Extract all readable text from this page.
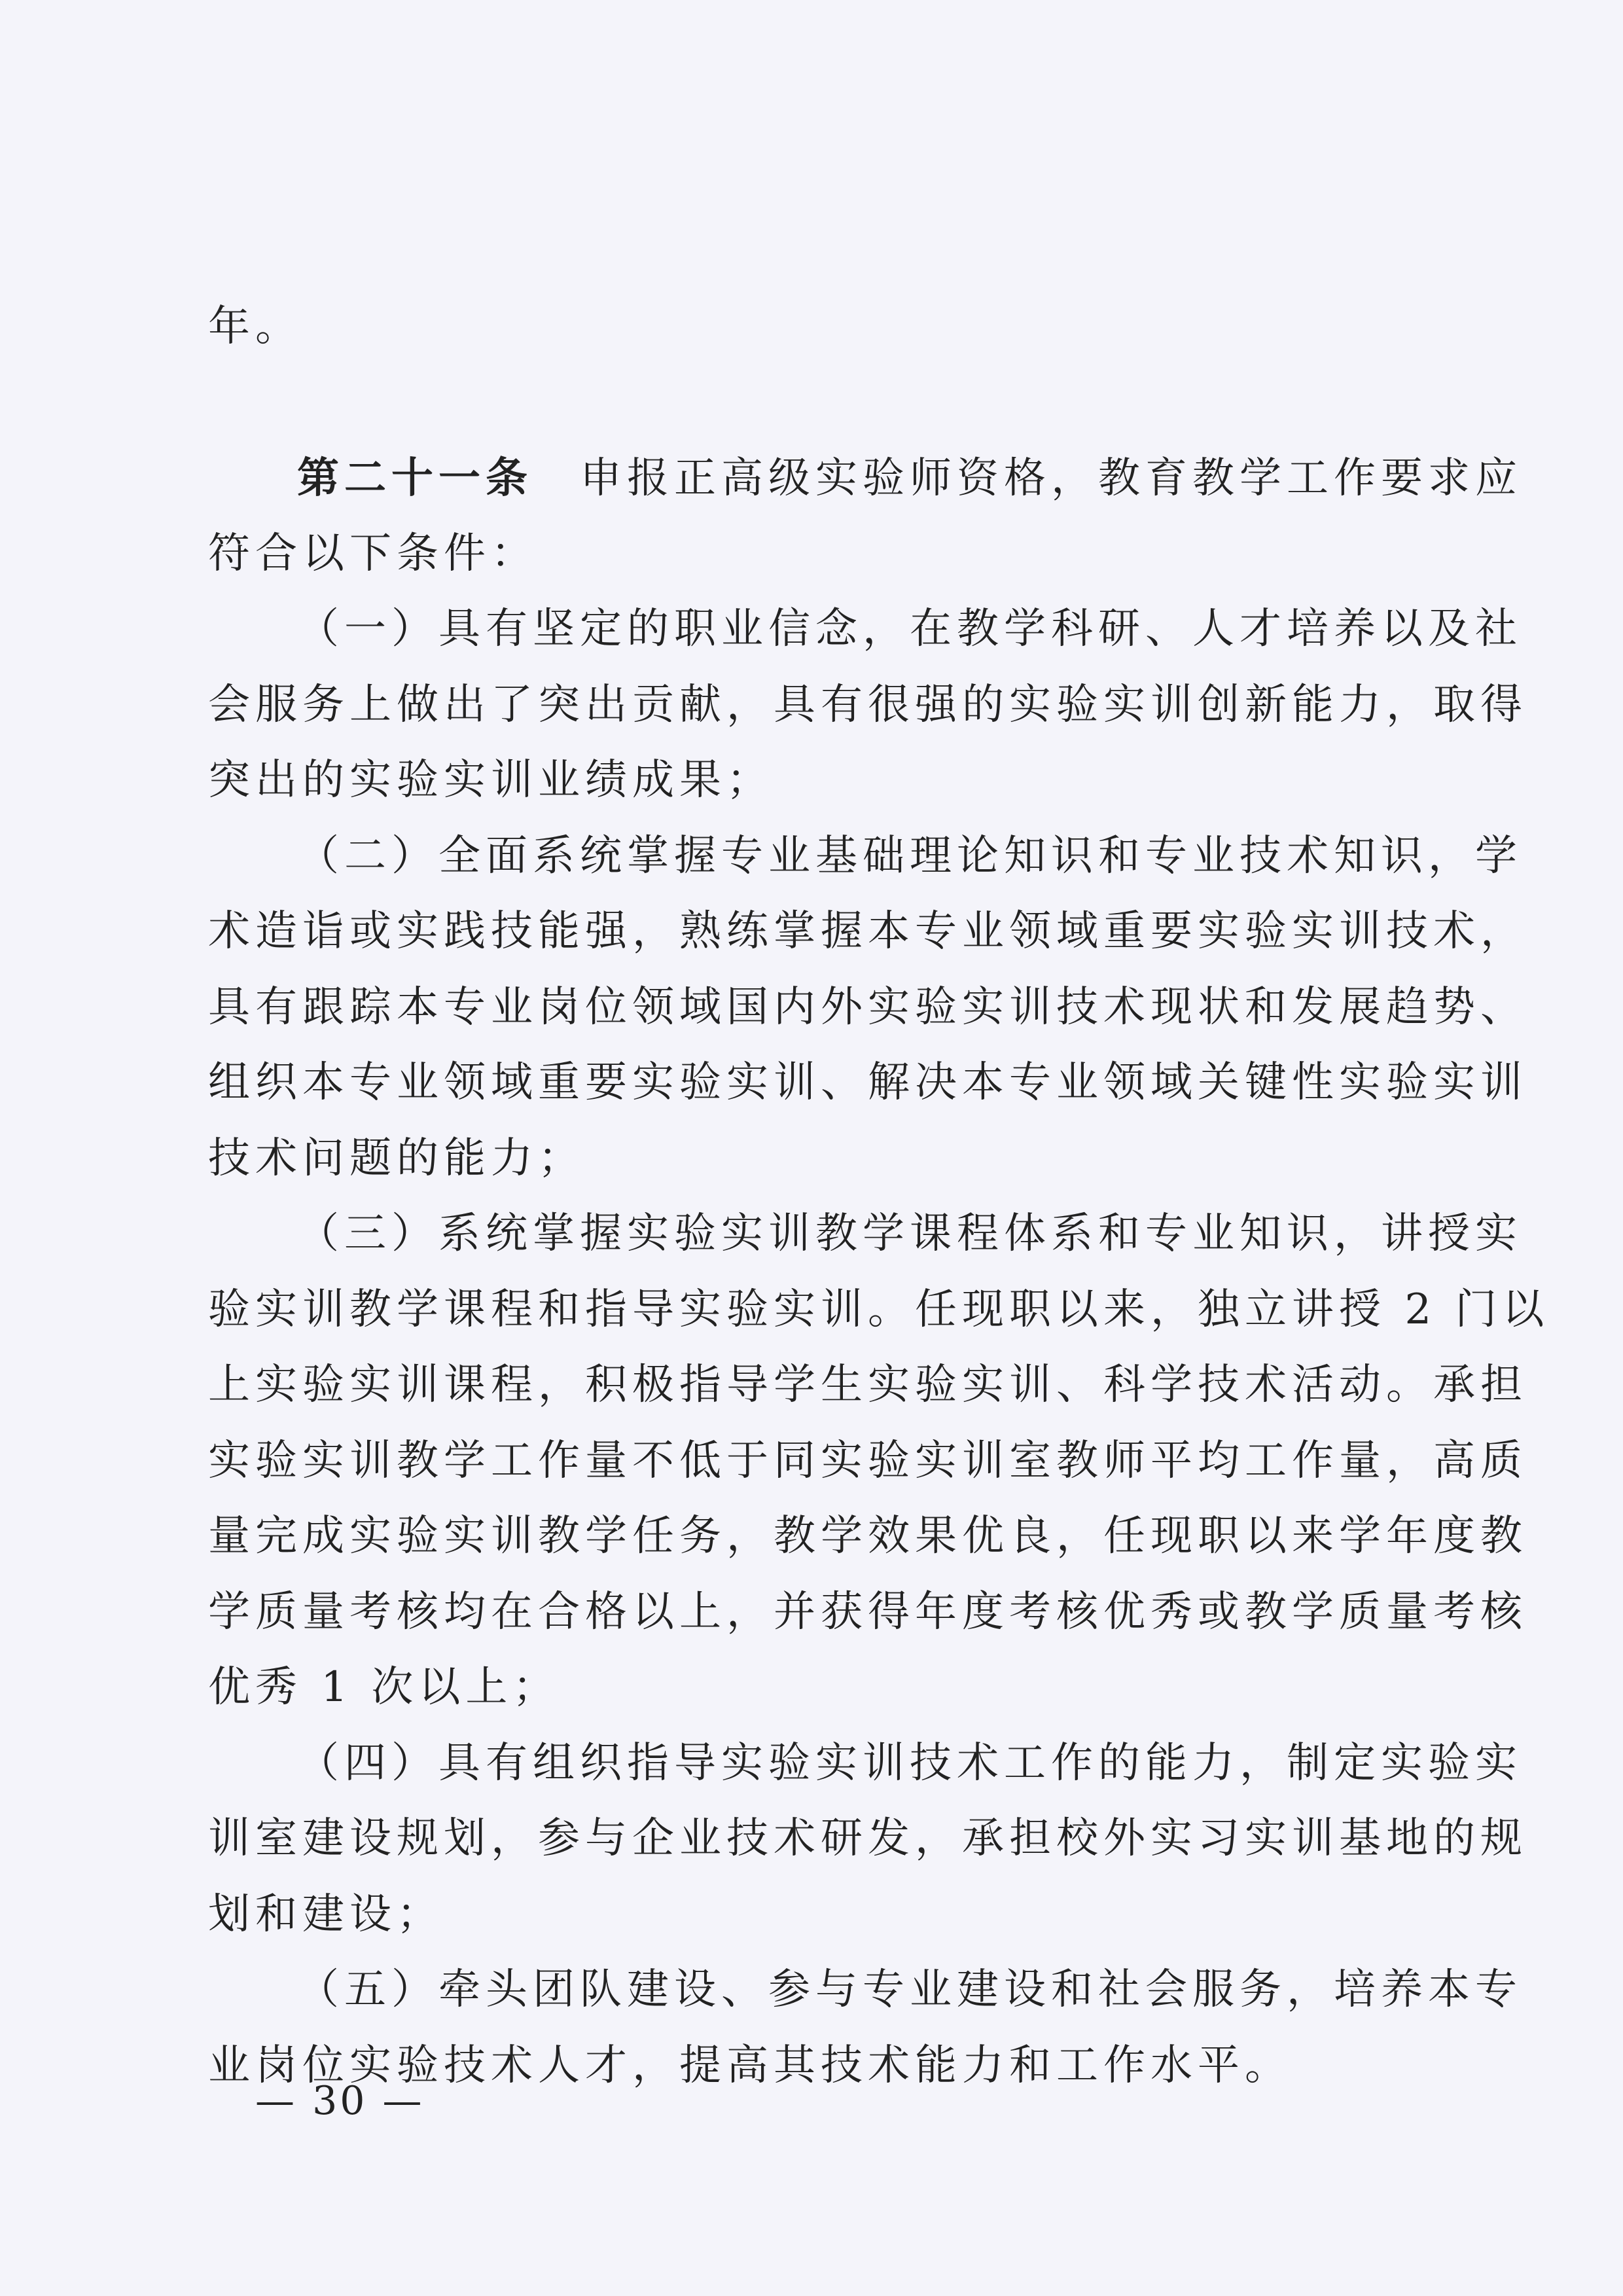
年。
第二十一条 申报正高级实验师资格，教育教学工作要求应
符合以下条件：
（一）具有坚定的职业信念，在教学科研、人才培养以及社
会服务上做出了突出贡献，具有很强的实验实训创新能力，取得
突出的实验实训业绩成果；
（二）全面系统掌握专业基础理论知识和专业技术知识，学
术造诣或实践技能强，熟练掌握本专业领域重要实验实训技术，
具有跟踪本专业岗位领域国内外实验实训技术现状和发展趋势、
组织本专业领域重要实验实训、解决本专业领域关键性实验实训
技术问题的能力；
（三）系统掌握实验实训教学课程体系和专业知识，讲授实
验实训教学课程和指导实验实训。任现职以来，独立讲授 2 门以
上实验实训课程，积极指导学生实验实训、科学技术活动。承担
实验实训教学工作量不低于同实验实训室教师平均工作量，高质
量完成实验实训教学任务，教学效果优良，任现职以来学年度教
学质量考核均在合格以上，并获得年度考核优秀或教学质量考核
优秀 1 次以上；
（四）具有组织指导实验实训技术工作的能力，制定实验实
训室建设规划，参与企业技术研发，承担校外实习实训基地的规
划和建设；
（五）牵头团队建设、参与专业建设和社会服务，培养本专
业岗位实验技术人才，提高其技术能力和工作水平。
— 30 —
